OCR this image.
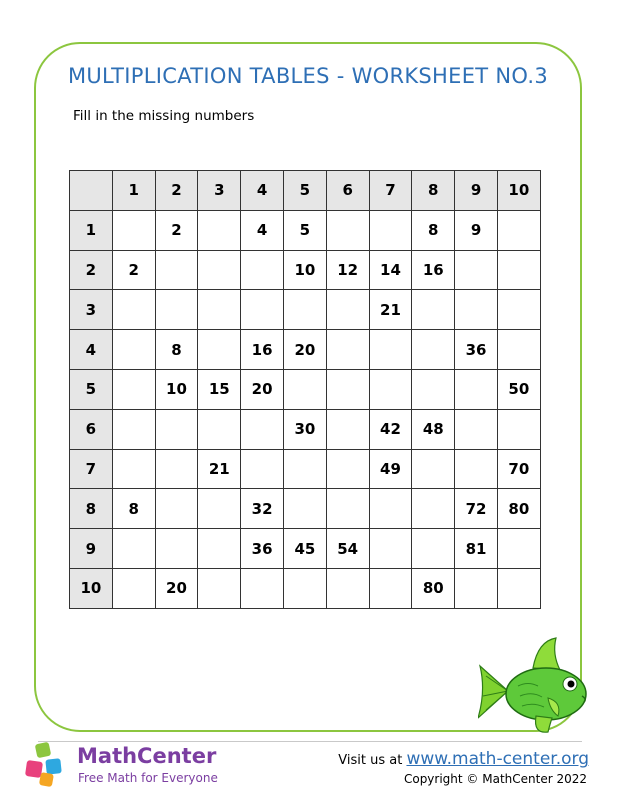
MULTIPLICATION TABLES - WORKSHEET NO.3
Fill in the missing numbers
	1	2	3	4	5	6	7	8	9	10
1		2		4	5			8	9	
2	2				10	12	14	16		
3							21			
4		8		16	20				36	
5		10	15	20						50
6					30		42	48		
7			21				49			70
8	8			32					72	80
9				36	45	54			81	
10		20						80		
MathCenter
Free Math for Everyone
Visit us at www.math-center.org
Copyright © MathCenter 2022
